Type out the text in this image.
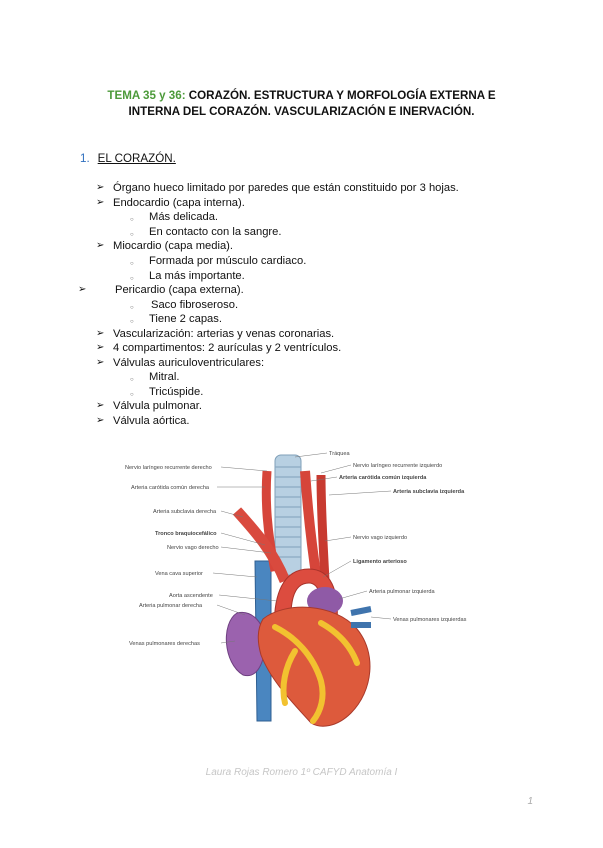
TEMA 35 y 36: CORAZÓN. ESTRUCTURA Y MORFOLOGÍA EXTERNA E
INTERNA DEL CORAZÓN. VASCULARIZACIÓN E INERVACIÓN.
1. EL CORAZÓN.
➢ Órgano hueco limitado por paredes que están constituido por 3 hojas.
➢ Endocardio (capa interna).
○ Más delicada.
○ En contacto con la sangre.
➢ Miocardio (capa media).
○ Formada por músculo cardiaco.
○ La más importante.
➢	Pericardio (capa externa).
○ Saco fibroseroso.
○ Tiene 2 capas.
➢ Vascularización: arterias y venas coronarias.
➢ 4 compartimentos: 2 aurículas y 2 ventrículos.
➢ Válvulas auriculoventriculares:
○ Mitral.
○ Tricúspide.
➢ Válvula pulmonar.
➢ Válvula aórtica.
Nervio laríngeo recurrente derecho
Arteria carótida común derecha
Arteria subclavia derecha
Tronco braquiocefálico
Nervio vago derecho
Vena cava superior
Aorta ascendente
Arteria pulmonar derecha
Venas pulmonares derechas
Tráquea
Nervio laríngeo recurrente izquierdo
Arteria carótida común izquierda
Arteria subclavia izquierda
Nervio vago izquierdo
Ligamento arterioso
Arteria pulmonar izquierda
Venas pulmonares izquierdas
Laura Rojas Romero 1º CAFYD Anatomía I
1
